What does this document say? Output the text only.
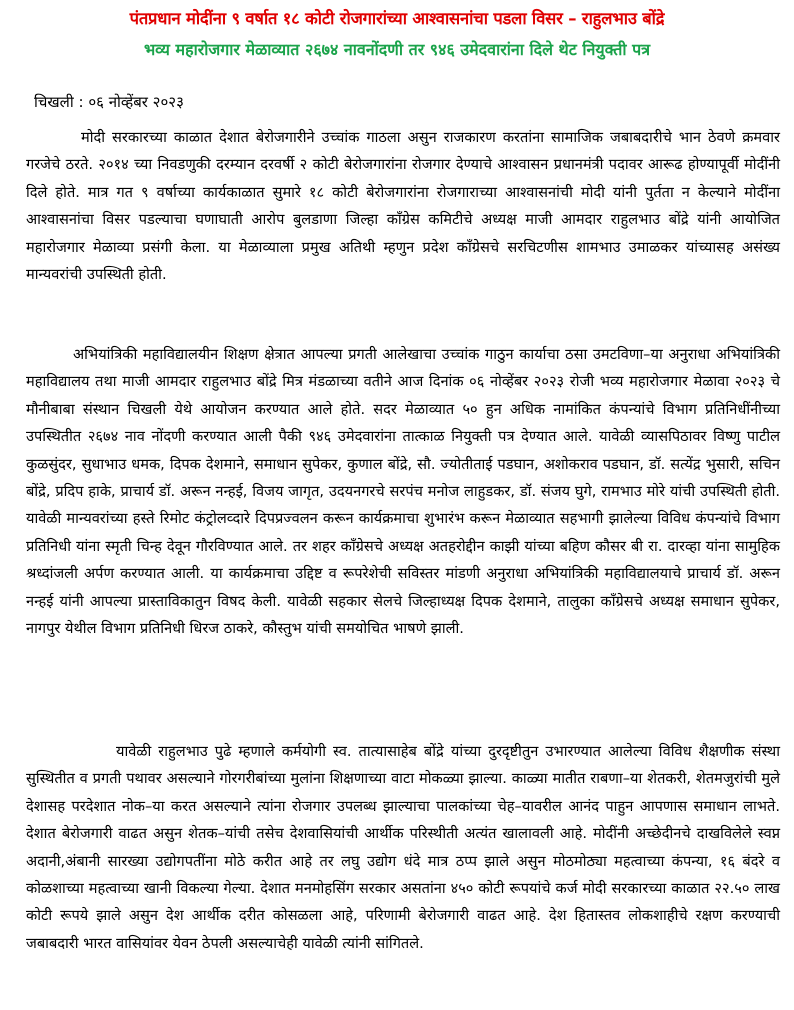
पंतप्रधान मोदींना ९ वर्षात १८ कोटी रोजगारांच्या आश्वासनांचा पडला विसर – राहुलभाउ बोंद्रे
भव्य महारोजगार मेळाव्यात २६७४ नावनोंदणी तर ९४६ उमेदवारांना दिले थेट नियुक्ती पत्र
चिखली : ०६ नोव्हेंबर २०२३

मोदी सरकारच्या काळात देशात बेरोजगारीने उच्चांक गाठला असुन राजकारण करतांना सामाजिक जबाबदारीचे भान ठेवणे क्रमवार गरजेचे ठरते. २०१४ च्या निवडणुकी दरम्यान दरवर्षी २ कोटी बेरोजगारांना रोजगार देण्याचे आश्वासन प्रधानमंत्री पदावर आरूढ होण्यापूर्वी मोदींनी दिले होते. मात्र गत ९ वर्षाच्या कार्यकाळात सुमारे १८ कोटी बेरोजगारांना रोजगाराच्या आश्वासनांची मोदी यांनी पुर्तता न केल्याने मोदींना आश्वासनांचा विसर पडल्याचा घणाघाती आरोप बुलडाणा जिल्हा कॉंग्रेस कमिटीचे अध्यक्ष माजी आमदार राहुलभाउ बोंद्रे यांनी आयोजित महारोजगार मेळाव्या प्रसंगी केला. या मेळाव्याला प्रमुख अतिथी म्हणुन प्रदेश कॉंग्रेसचे सरचिटणीस शामभाउ उमाळकर यांच्यासह असंख्य मान्यवरांची उपस्थिती होती.

अभियांत्रिकी महाविद्यालयीन शिक्षण क्षेत्रात आपल्या प्रगती आलेखाचा उच्चांक गाठुन कार्याचा ठसा उमटविणा–या अनुराधा अभियांत्रिकी महाविद्यालय तथा माजी आमदार राहुलभाउ बोंद्रे मित्र मंडळाच्या वतीने आज दिनांक ०६ नोव्हेंबर २०२३ रोजी भव्य महारोजगार मेळावा २०२३ चे मौनीबाबा संस्थान चिखली येथे आयोजन करण्यात आले होते. सदर मेळाव्यात ५० हुन अधिक नामांकित कंपन्यांचे विभाग प्रतिनिधींनीच्या उपस्थितीत २६७४ नाव नोंदणी करण्यात आली पैकी ९४६ उमेदवारांना तात्काळ नियुक्ती पत्र देण्यात आले. यावेळी व्यासपिठावर विष्णु पाटील कुळसुंदर, सुधाभाउ धमक, दिपक देशमाने, समाधान सुपेकर, कुणाल बोंद्रे, सौ. ज्योतीताई पडघान, अशोकराव पडघान, डॉ. सत्येंद्र भुसारी, सचिन बोंद्रे, प्रदिप हाके, प्राचार्य डॉ. अरून नन्हई, विजय जागृत, उदयनगरचे सरपंच मनोज लाहुडकर, डॉ. संजय घुगे, रामभाउ मोरे यांची उपस्थिती होती. यावेळी मान्यवरांच्या हस्ते रिमोट कंट्रोलव्दारे दिपप्रज्वलन करून कार्यक्रमाचा शुभारंभ करून मेळाव्यात सहभागी झालेल्या विविध कंपन्यांचे विभाग प्रतिनिधी यांना स्मृती चिन्ह देवून गौरविण्यात आले. तर शहर कॉंग्रेसचे अध्यक्ष अतहरोद्दीन काझी यांच्या बहिण कौसर बी रा. दारव्हा यांना सामुहिक श्रध्दांजली अर्पण करण्यात आली. या कार्यक्रमाचा उद्दिष्ट व रूपरेशेची सविस्तर मांडणी अनुराधा अभियांत्रिकी महाविद्यालयाचे प्राचार्य डॉ. अरून नन्हई यांनी आपल्या प्रास्ताविकातुन विषद केली. यावेळी सहकार सेलचे जिल्हाध्यक्ष दिपक देशमाने, तालुका कॉंग्रेसचे अध्यक्ष समाधान सुपेकर, नागपुर येथील विभाग प्रतिनिधी धिरज ठाकरे, कौस्तुभ यांची समयोचित भाषणे झाली.

यावेळी राहुलभाउ पुढे म्हणाले कर्मयोगी स्व. तात्यासाहेब बोंद्रे यांच्या दुरदृष्टीतुन उभारण्यात आलेल्या विविध शैक्षणीक संस्था सुस्थितीत व प्रगती पथावर असल्याने गोरगरीबांच्या मुलांना शिक्षणाच्या वाटा मोकळ्या झाल्या. काळ्या मातीत राबणा–या शेतकरी, शेतमजुरांची मुले देशासह परदेशात नोक–या करत असल्याने त्यांना रोजगार उपलब्ध झाल्याचा पालकांच्या चेह–यावरील आनंद पाहुन आपणास समाधान लाभते. देशात बेरोजगारी वाढत असुन शेतक–यांची तसेच देशवासियांची आर्थीक परिस्थीती अत्यंत खालावली आहे. मोदींनी अच्छेदीनचे दाखविलेले स्वप्न अदानी,अंबानी सारख्या उद्योगपतींना मोठे करीत आहे तर लघु उद्योग धंदे मात्र ठप्प झाले असुन मोठमोठ्या महत्वाच्या कंपन्या, १६ बंदरे व कोळशाच्या महत्वाच्या खानी विकल्या गेल्या. देशात मनमोहसिंग सरकार असतांना ४५० कोटी रूपयांचे कर्ज मोदी सरकारच्या काळात २२.५० लाख कोटी रूपये झाले असुन देश आर्थीक दरीत कोसळला आहे, परिणामी बेरोजगारी वाढत आहे. देश हितास्तव लोकशाहीचे रक्षण करण्याची जबाबदारी भारत वासियांवर येवन ठेपली असल्याचेही यावेळी त्यांनी सांगितले.
